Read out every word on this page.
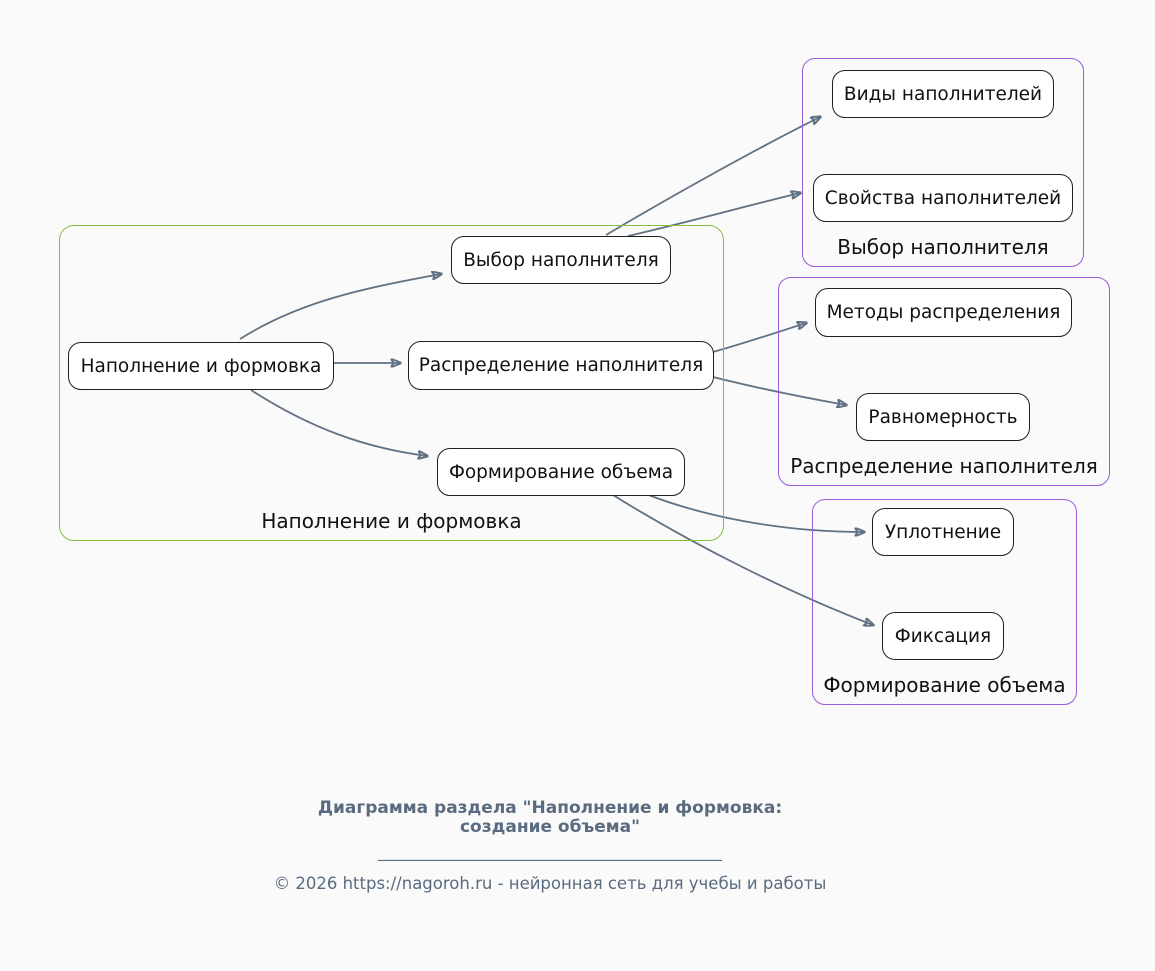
Наполнение и формовка
Выбор наполнителя
Распределение наполнителя
Формирование объема
Наполнение и формовка
Выбор наполнителя
Распределение наполнителя
Формирование объема
Виды наполнителей
Свойства наполнителей
Методы распределения
Равномерность
Уплотнение
Фиксация
Диаграмма раздела "Наполнение и формовка:
создание объема"
___________________________________________
© 2026 https://nagoroh.ru - нейронная сеть для учебы и работы
